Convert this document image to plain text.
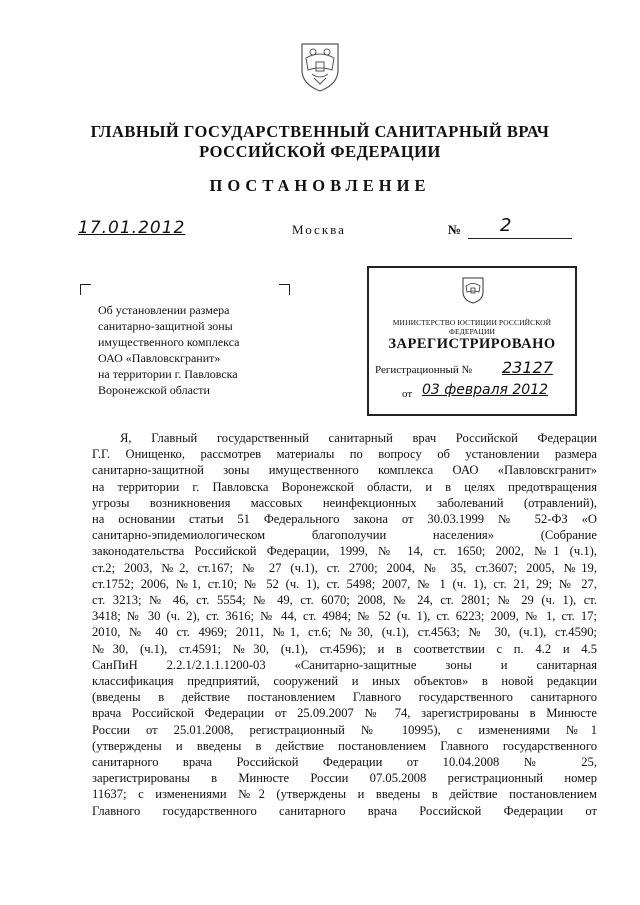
ГЛАВНЫЙ ГОСУДАРСТВЕННЫЙ САНИТАРНЫЙ ВРАЧ
РОССИЙСКОЙ ФЕДЕРАЦИИ
ПОСТАНОВЛЕНИЕ
17.01.2012	Москва	№ 2
Об установлении размера
санитарно-защитной зоны
имущественного комплекса
ОАО «Павловскгранит»
на территории г. Павловска
Воронежской области
МИНИСТЕРСТВО ЮСТИЦИИ РОССИЙСКОЙ ФЕДЕРАЦИИ
ЗАРЕГИСТРИРОВАНО
Регистрационный № 23127
от 03 февраля 2012
Я, Главный государственный санитарный врач Российской Федерации
Г.Г. Онищенко, рассмотрев материалы по вопросу об установлении размера
санитарно-защитной зоны имущественного комплекса ОАО «Павловскгранит»
на территории г. Павловска Воронежской области, и в целях предотвращения
угрозы возникновения массовых неинфекционных заболеваний (отравлений),
на основании статьи 51 Федерального закона от 30.03.1999 № 52-ФЗ «О
санитарно-эпидемиологическом благополучии населения» (Собрание
законодательства Российской Федерации, 1999, № 14, ст. 1650; 2002, №1 (ч.1),
ст.2; 2003, №2, ст.167; № 27 (ч.1), ст. 2700; 2004, № 35, ст.3607; 2005, №19,
ст.1752; 2006, №1, ст.10; № 52 (ч. 1), ст. 5498; 2007, № 1 (ч. 1), ст. 21, 29; № 27,
ст. 3213; № 46, ст. 5554; № 49, ст. 6070; 2008, № 24, ст. 2801; № 29 (ч. 1), ст.
3418; № 30 (ч. 2), ст. 3616; № 44, ст. 4984; № 52 (ч. 1), ст. 6223; 2009, № 1, ст. 17;
2010, № 40 ст. 4969; 2011, №1, ст.6; №30, (ч.1), ст.4563; № 30, (ч.1), ст.4590;
№30, (ч.1), ст.4591; №30, (ч.1), ст.4596); и в соответствии с п. 4.2 и 4.5
СанПиН 2.2.1/2.1.1.1200-03 «Санитарно-защитные зоны и санитарная
классификация предприятий, сооружений и иных объектов» в новой редакции
(введены в действие постановлением Главного государственного санитарного
врача Российской Федерации от 25.09.2007 № 74, зарегистрированы в Минюсте
России от 25.01.2008, регистрационный № 10995), с изменениями №1
(утверждены и введены в действие постановлением Главного государственного
санитарного врача Российской Федерации от 10.04.2008 № 25,
зарегистрированы в Минюсте России 07.05.2008 регистрационный номер
11637; с изменениями №2 (утверждены и введены в действие постановлением
Главного государственного санитарного врача Российской Федерации от
